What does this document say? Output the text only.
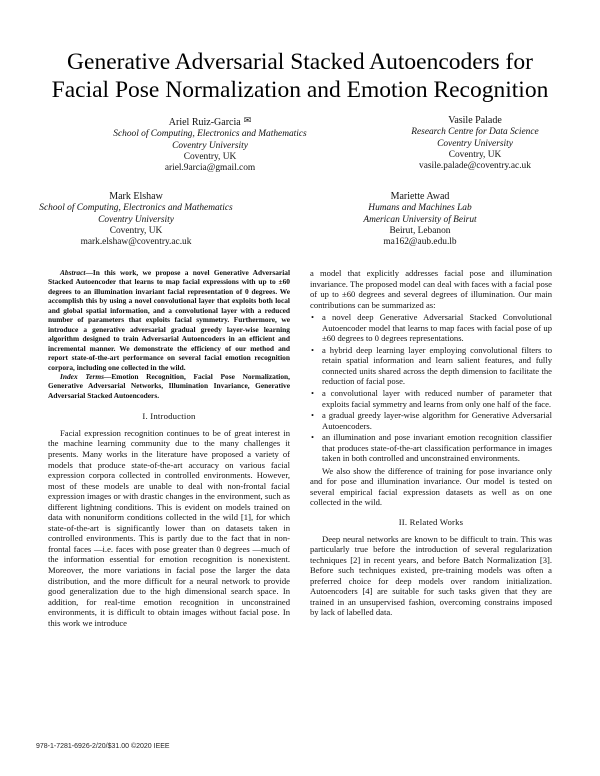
Generative Adversarial Stacked Autoencoders for
Facial Pose Normalization and Emotion Recognition
Ariel Ruiz-Garcia ✉
School of Computing, Electronics and Mathematics
Coventry University
Coventry, UK
ariel.9arcia@gmail.com
Vasile Palade
Research Centre for Data Science
Coventry University
Coventry, UK
vasile.palade@coventry.ac.uk
Mark Elshaw
School of Computing, Electronics and Mathematics
Coventry University
Coventry, UK
mark.elshaw@coventry.ac.uk
Mariette Awad
Humans and Machines Lab
American University of Beirut
Beirut, Lebanon
ma162@aub.edu.lb

Abstract—In this work, we propose a novel Generative Adversarial Stacked Autoencoder that learns to map facial expressions with up to ±60 degrees to an illumination invariant facial representation of 0 degrees. We accomplish this by using a novel convolutional layer that exploits both local and global spatial information, and a convolutional layer with a reduced number of parameters that exploits facial symmetry. Furthermore, we introduce a generative adversarial gradual greedy layer-wise learning algorithm designed to train Adversarial Autoencoders in an efficient and incremental manner. We demonstrate the efficiency of our method and report state-of-the-art performance on several facial emotion recognition corpora, including one collected in the wild.

Index Terms—Emotion Recognition, Facial Pose Normalization, Generative Adversarial Networks, Illumination Invariance, Generative Adversarial Stacked Autoencoders.

I. Introduction

Facial expression recognition continues to be of great interest in the machine learning community due to the many challenges it presents. Many works in the literature have proposed a variety of models that produce state-of-the-art accuracy on various facial expression corpora collected in controlled environments. However, most of these models are unable to deal with non-frontal facial expression images or with drastic changes in the environment, such as different lightning conditions. This is evident on models trained on data with nonuniform conditions collected in the wild [1], for which state-of-the-art is significantly lower than on datasets taken in controlled environments. This is partly due to the fact that in non-frontal faces —i.e. faces with pose greater than 0 degrees —much of the information essential for emotion recognition is nonexistent. Moreover, the more variations in facial pose the larger the data distribution, and the more difficult for a neural network to provide good generalization due to the high dimensional search space. In addition, for real-time emotion recognition in unconstrained environments, it is difficult to obtain images without facial pose. In this work we introduce

a model that explicitly addresses facial pose and illumination invariance. The proposed model can deal with faces with a facial pose of up to ±60 degrees and several degrees of illumination. Our main contributions can be summarized as:

• a novel deep Generative Adversarial Stacked Convolutional Autoencoder model that learns to map faces with facial pose of up ±60 degrees to 0 degrees representations.
• a hybrid deep learning layer employing convolutional filters to retain spatial information and learn salient features, and fully connected units shared across the depth dimension to facilitate the reduction of facial pose.
• a convolutional layer with reduced number of parameter that exploits facial symmetry and learns from only one half of the face.
• a gradual greedy layer-wise algorithm for Generative Adversarial Autoencoders.
• an illumination and pose invariant emotion recognition classifier that produces state-of-the-art classification performance in images taken in both controlled and unconstrained environments.

We also show the difference of training for pose invariance only and for pose and illumination invariance. Our model is tested on several empirical facial expression datasets as well as on one collected in the wild.

II. Related Works

Deep neural networks are known to be difficult to train. This was particularly true before the introduction of several regularization techniques [2] in recent years, and before Batch Normalization [3]. Before such techniques existed, pre-training models was often a preferred choice for deep models over random initialization. Autoencoders [4] are suitable for such tasks given that they are trained in an unsupervised fashion, overcoming constrains imposed by lack of labelled data.

978-1-7281-6926-2/20/$31.00 ©2020 IEEE
